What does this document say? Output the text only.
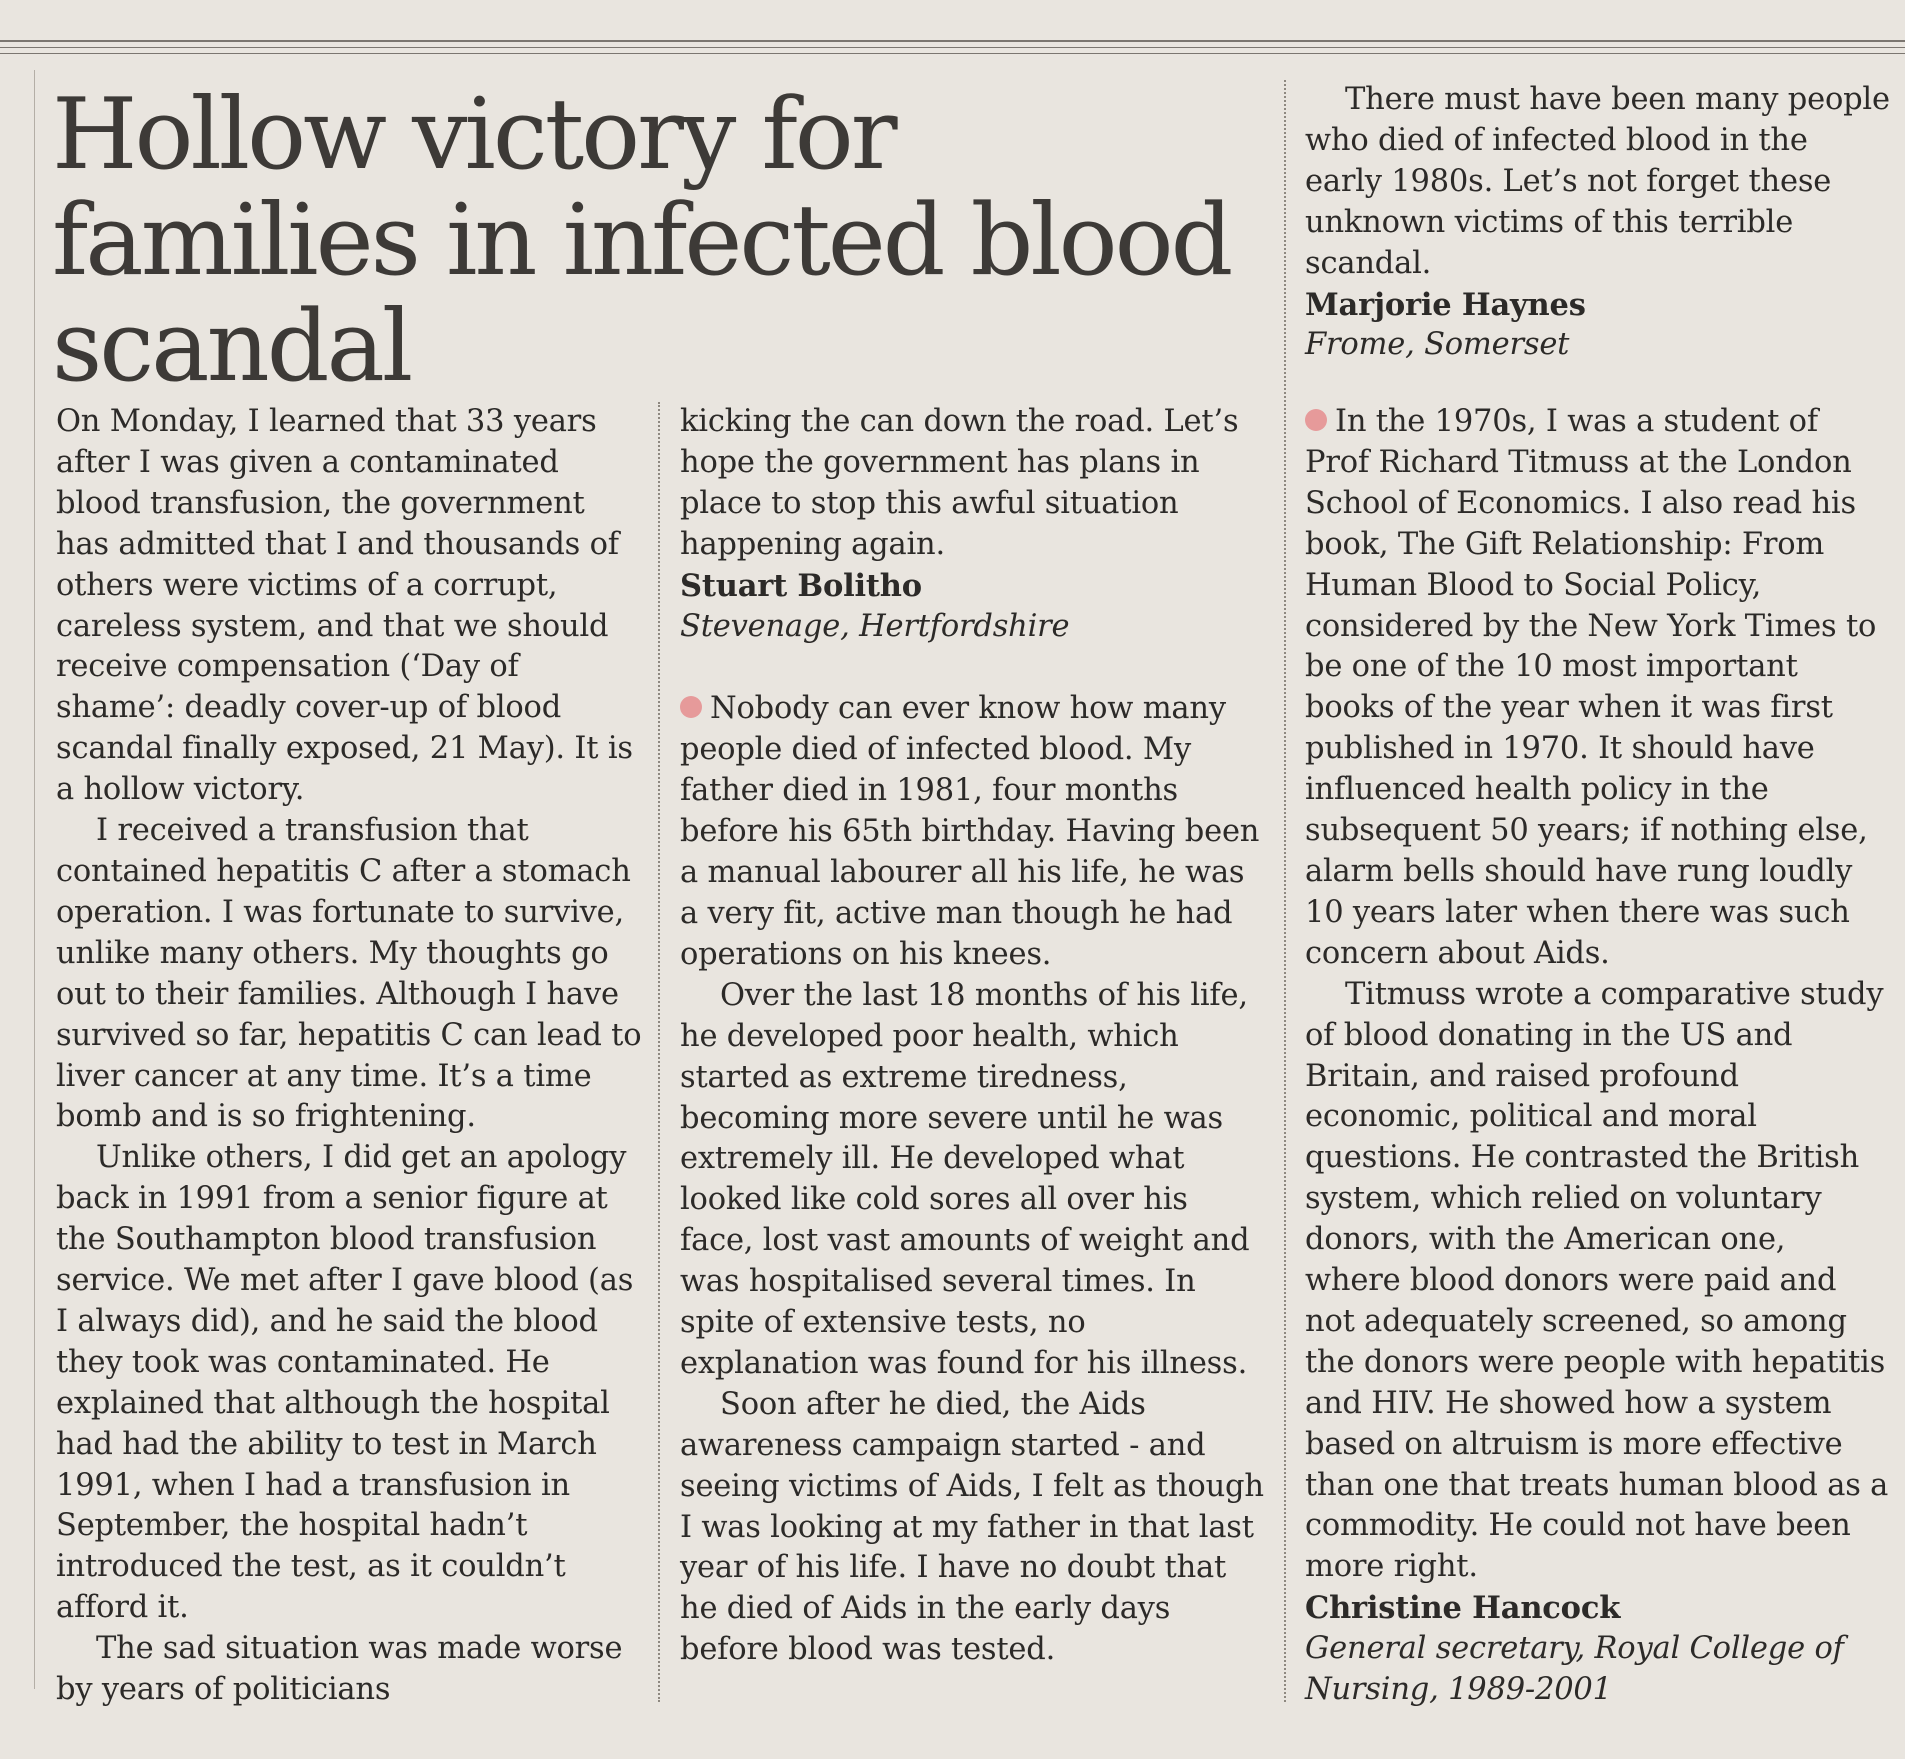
Hollow victory for families in infected blood scandal

On Monday, I learned that 33 years after I was given a contaminated blood transfusion, the government has admitted that I and thousands of others were victims of a corrupt, careless system, and that we should receive compensation (‘Day of shame’: deadly cover-up of blood scandal finally exposed, 21 May). It is a hollow victory.

I received a transfusion that contained hepatitis C after a stomach operation. I was fortunate to survive, unlike many others. My thoughts go out to their families. Although I have survived so far, hepatitis C can lead to liver cancer at any time. It’s a time bomb and is so frightening.

Unlike others, I did get an apology back in 1991 from a senior figure at the Southampton blood transfusion service. We met after I gave blood (as I always did), and he said the blood they took was contaminated. He explained that although the hospital had had the ability to test in March 1991, when I had a transfusion in September, the hospital hadn’t introduced the test, as it couldn’t afford it.

The sad situation was made worse by years of politicians

kicking the can down the road. Let’s hope the government has plans in place to stop this awful situation happening again.

Stuart Bolitho
Stevenage, Hertfordshire

Nobody can ever know how many people died of infected blood. My father died in 1981, four months before his 65th birthday. Having been a manual labourer all his life, he was a very fit, active man though he had operations on his knees.

Over the last 18 months of his life, he developed poor health, which started as extreme tiredness, becoming more severe until he was extremely ill. He developed what looked like cold sores all over his face, lost vast amounts of weight and was hospitalised several times. In spite of extensive tests, no explanation was found for his illness.

Soon after he died, the Aids awareness campaign started - and seeing victims of Aids, I felt as though I was looking at my father in that last year of his life. I have no doubt that he died of Aids in the early days before blood was tested.

There must have been many people who died of infected blood in the early 1980s. Let’s not forget these unknown victims of this terrible scandal.

Marjorie Haynes
Frome, Somerset

In the 1970s, I was a student of Prof Richard Titmuss at the London School of Economics. I also read his book, The Gift Relationship: From Human Blood to Social Policy, considered by the New York Times to be one of the 10 most important books of the year when it was first published in 1970. It should have influenced health policy in the subsequent 50 years; if nothing else, alarm bells should have rung loudly 10 years later when there was such concern about Aids.

Titmuss wrote a comparative study of blood donating in the US and Britain, and raised profound economic, political and moral questions. He contrasted the British system, which relied on voluntary donors, with the American one, where blood donors were paid and not adequately screened, so among the donors were people with hepatitis and HIV. He showed how a system based on altruism is more effective than one that treats human blood as a commodity. He could not have been more right.

Christine Hancock
General secretary, Royal College of Nursing, 1989-2001
